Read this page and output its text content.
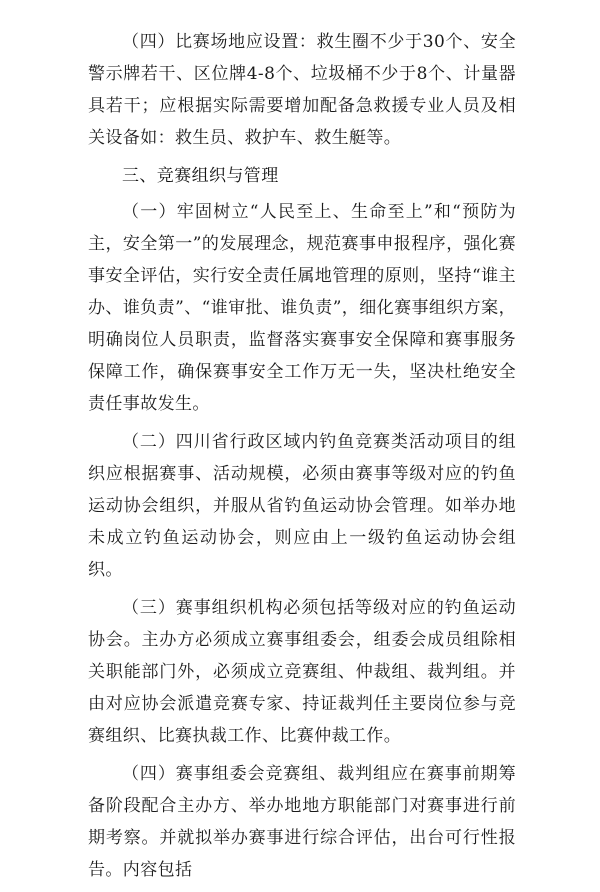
（四）比赛场地应设置：救生圈不少于30个、安全警示牌若干、区位牌4-8个、垃圾桶不少于8个、计量器具若干；应根据实际需要增加配备急救援专业人员及相关设备如：救生员、救护车、救生艇等。

三、竞赛组织与管理

（一）牢固树立“人民至上、生命至上”和“预防为主，安全第一”的发展理念，规范赛事申报程序，强化赛事安全评估，实行安全责任属地管理的原则，坚持“谁主办、谁负责”、“谁审批、谁负责”，细化赛事组织方案，明确岗位人员职责，监督落实赛事安全保障和赛事服务保障工作，确保赛事安全工作万无一失，坚决杜绝安全责任事故发生。

（二）四川省行政区域内钓鱼竞赛类活动项目的组织应根据赛事、活动规模，必须由赛事等级对应的钓鱼运动协会组织，并服从省钓鱼运动协会管理。如举办地未成立钓鱼运动协会，则应由上一级钓鱼运动协会组织。

（三）赛事组织机构必须包括等级对应的钓鱼运动协会。主办方必须成立赛事组委会，组委会成员组除相关职能部门外，必须成立竞赛组、仲裁组、裁判组。并由对应协会派遣竞赛专家、持证裁判任主要岗位参与竞赛组织、比赛执裁工作、比赛仲裁工作。

（四）赛事组委会竞赛组、裁判组应在赛事前期筹备阶段配合主办方、举办地地方职能部门对赛事进行前期考察。并就拟举办赛事进行综合评估，出台可行性报告。内容包括
